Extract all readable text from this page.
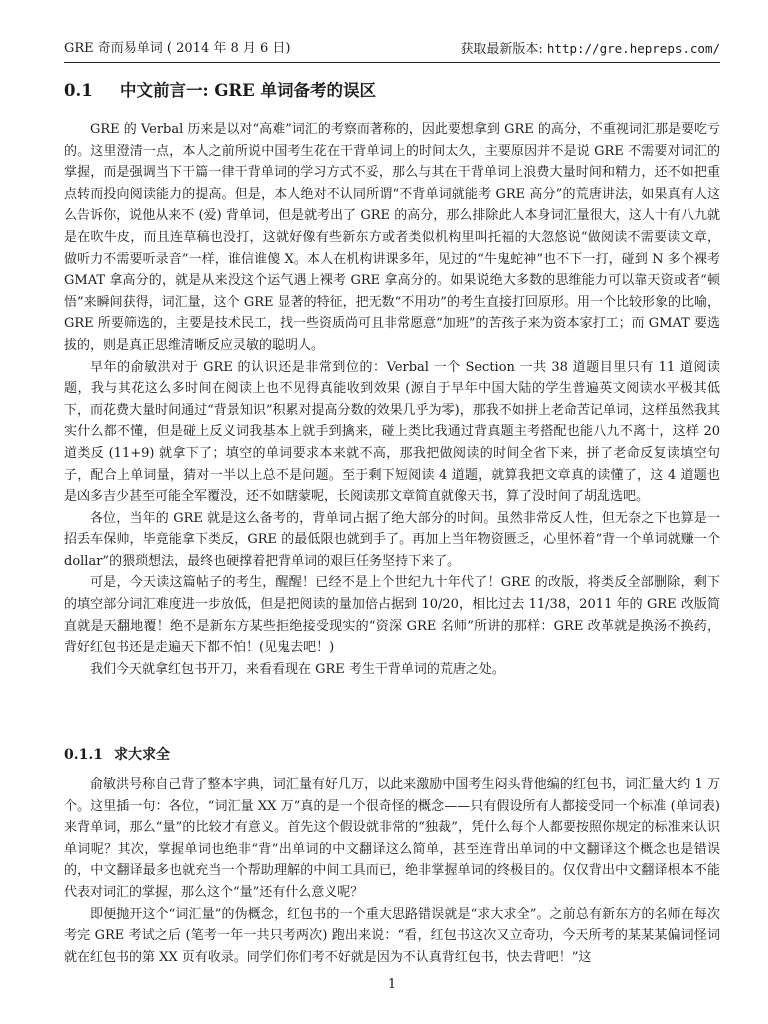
GRE 奇而易单词 ( 2014 年 8 月 6 日)	获取最新版本: http://gre.hepreps.com/
0.1 中文前言一: GRE 单词备考的误区

GRE 的 Verbal 历来是以对“高难”词汇的考察而著称的，因此要想拿到 GRE 的高分，不重视词汇那是要吃亏的。这里澄清一点，本人之前所说中国考生花在干背单词上的时间太久，主要原因并不是说 GRE 不需要对词汇的掌握，而是强调当下干篇一律干背单词的学习方式不妥，那么与其在干背单词上浪费大量时间和精力，还不如把重点转而投向阅读能力的提高。但是，本人绝对不认同所谓“不背单词就能考 GRE 高分”的荒唐讲法，如果真有人这么告诉你，说他从来不 (爱) 背单词，但是就考出了 GRE 的高分，那么排除此人本身词汇量很大，这人十有八九就是在吹牛皮，而且连草稿也没打，这就好像有些新东方或者类似机构里叫托福的大忽悠说“做阅读不需要读文章，做听力不需要听录音”一样，谁信谁傻 X。本人在机构讲课多年，见过的“牛鬼蛇神”也不下一打，碰到 N 多个裸考 GMAT 拿高分的，就是从来没这个运气遇上裸考 GRE 拿高分的。如果说绝大多数的思维能力可以靠天资或者“顿悟”来瞬间获得，词汇量，这个 GRE 显著的特征，把无数“不用功”的考生直接打回原形。用一个比较形象的比喻，GRE 所要筛选的，主要是技术民工，找一些资质尚可且非常愿意“加班”的苦孩子来为资本家打工；而 GMAT 要选拔的，则是真正思维清晰反应灵敏的聪明人。

早年的俞敏洪对于 GRE 的认识还是非常到位的：Verbal 一个 Section 一共 38 道题目里只有 11 道阅读题，我与其花这么多时间在阅读上也不见得真能收到效果 (源自于早年中国大陆的学生普遍英文阅读水平极其低下，而花费大量时间通过“背景知识”积累对提高分数的效果几乎为零)，那我不如拼上老命苦记单词，这样虽然我其实什么都不懂，但是碰上反义词我基本上就手到擒来，碰上类比我通过背真题主考搭配也能八九不离十，这样 20 道类反 (11+9) 就拿下了；填空的单词要求本来就不高，那我把做阅读的时间全省下来，拼了老命反复读填空句子，配合上单词量，猜对一半以上总不是问题。至于剩下短阅读 4 道题，就算我把文章真的读懂了，这 4 道题也是凶多吉少甚至可能全军覆没，还不如瞎蒙呢，长阅读那文章简直就像天书，算了没时间了胡乱选吧。

各位，当年的 GRE 就是这么备考的，背单词占据了绝大部分的时间。虽然非常反人性，但无奈之下也算是一招丢车保帅，毕竟能拿下类反，GRE 的最低限也就到手了。再加上当年物资匮乏，心里怀着“背一个单词就赚一个 dollar”的猥琐想法，最终也硬撑着把背单词的艰巨任务坚持下来了。

可是，今天读这篇帖子的考生，醒醒！已经不是上个世纪九十年代了！GRE 的改版，将类反全部删除，剩下的填空部分词汇难度进一步放低，但是把阅读的量加倍占据到 10/20，相比过去 11/38，2011 年的 GRE 改版简直就是天翻地覆！绝不是新东方某些拒绝接受现实的“资深 GRE 名师”所讲的那样：GRE 改革就是换汤不换药，背好红包书还是走遍天下都不怕！(见鬼去吧！)

我们今天就拿红包书开刀，来看看现在 GRE 考生干背单词的荒唐之处。

0.1.1 求大求全

俞敏洪号称自己背了整本字典，词汇量有好几万，以此来激励中国考生闷头背他编的红包书，词汇量大约 1 万个。这里插一句：各位，“词汇量 XX 万”真的是一个很奇怪的概念——只有假设所有人都接受同一个标准 (单词表) 来背单词，那么“量”的比较才有意义。首先这个假设就非常的“独裁”，凭什么每个人都要按照你规定的标准来认识单词呢？其次，掌握单词也绝非“背”出单词的中文翻译这么简单，甚至连背出单词的中文翻译这个概念也是错误的，中文翻译最多也就充当一个帮助理解的中间工具而已，绝非掌握单词的终极目的。仅仅背出中文翻译根本不能代表对词汇的掌握，那么这个“量”还有什么意义呢？

即便抛开这个“词汇量”的伪概念，红包书的一个重大思路错误就是“求大求全”。之前总有新东方的名师在每次考完 GRE 考试之后 (笔考一年一共只考两次) 跑出来说：“看，红包书这次又立奇功，今天所考的某某某偏词怪词就在红包书的第 XX 页有收录。同学们你们考不好就是因为不认真背红包书，快去背吧！”这

1
